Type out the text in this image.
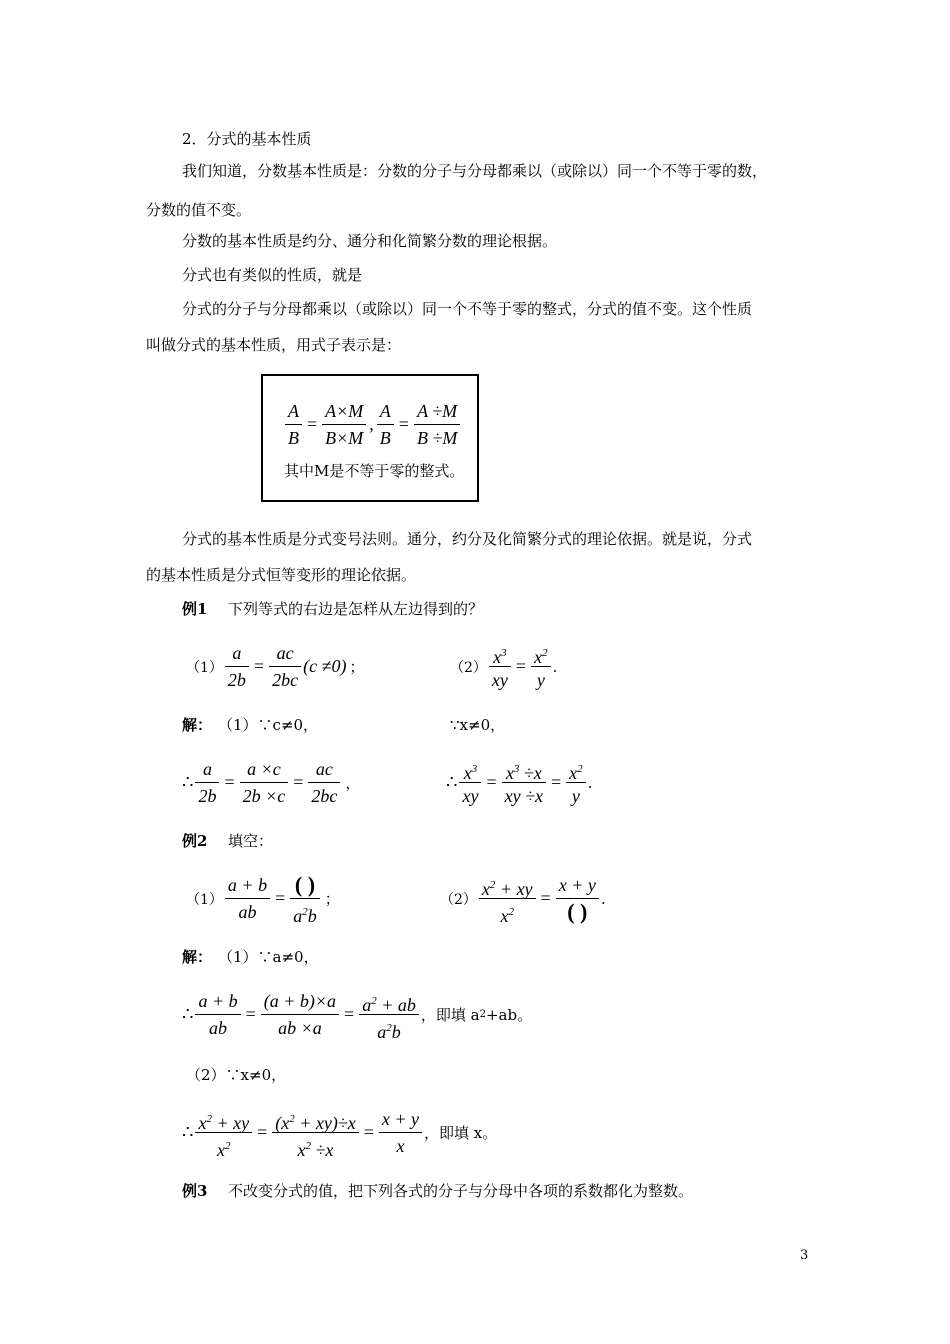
2．分式的基本性质
我们知道，分数基本性质是：分数的分子与分母都乘以（或除以）同一个不等于零的数，
分数的值不变。
分数的基本性质是约分、通分和化简繁分数的理论根据。
分式也有类似的性质，就是
分式的分子与分母都乘以（或除以）同一个不等于零的整式，分式的值不变。这个性质
叫做分式的基本性质，用式子表示是：
$\frac{A}{B} = \frac{A\times M}{B\times M}$ , $\frac{A}{B} = \frac{A \div M}{B \div M}$
其中M是不等于零的整式。
分式的基本性质是分式变号法则。通分，约分及化简繁分式的理论依据。就是说，分式
的基本性质是分式恒等变形的理论依据。
例1 下列等式的右边是怎样从左边得到的？
$(1) \frac{a}{2b} = \frac{ac}{2bc} (c \ne 0)$ ；	$(2) \frac{x^3}{xy} = \frac{x^2}{y}$ .
解： （1）∵c≠0，	∵x≠0，
∴ $\frac{a}{2b} = \frac{a \times c}{2b \times c} = \frac{ac}{2bc}$ ，	∴ $\frac{x^3}{xy} = \frac{x^3 \div x}{xy \div x} = \frac{x^2}{y}$ .
例2 填空：
$(1) \frac{a + b}{ab} = \frac{( )}{a^2b}$ ；	$(2) \frac{x^2 + xy}{x^2} = \frac{x + y}{( )}$ .
解： （1）∵a≠0，
∴ $\frac{a + b}{ab} = \frac{(a + b)\times a}{ab \times a} = \frac{a^2 + ab}{a^2b}$ ，即填 a 2 +ab。
（2）∵x≠0，
∴ $\frac{x^2 + xy}{x^2} = \frac{(x^2 + xy)\div x}{x^2 \div x} = \frac{x + y}{x}$ ，即填 x。
例3 不改变分式的值，把下列各式的分子与分母中各项的系数都化为整数。
3
